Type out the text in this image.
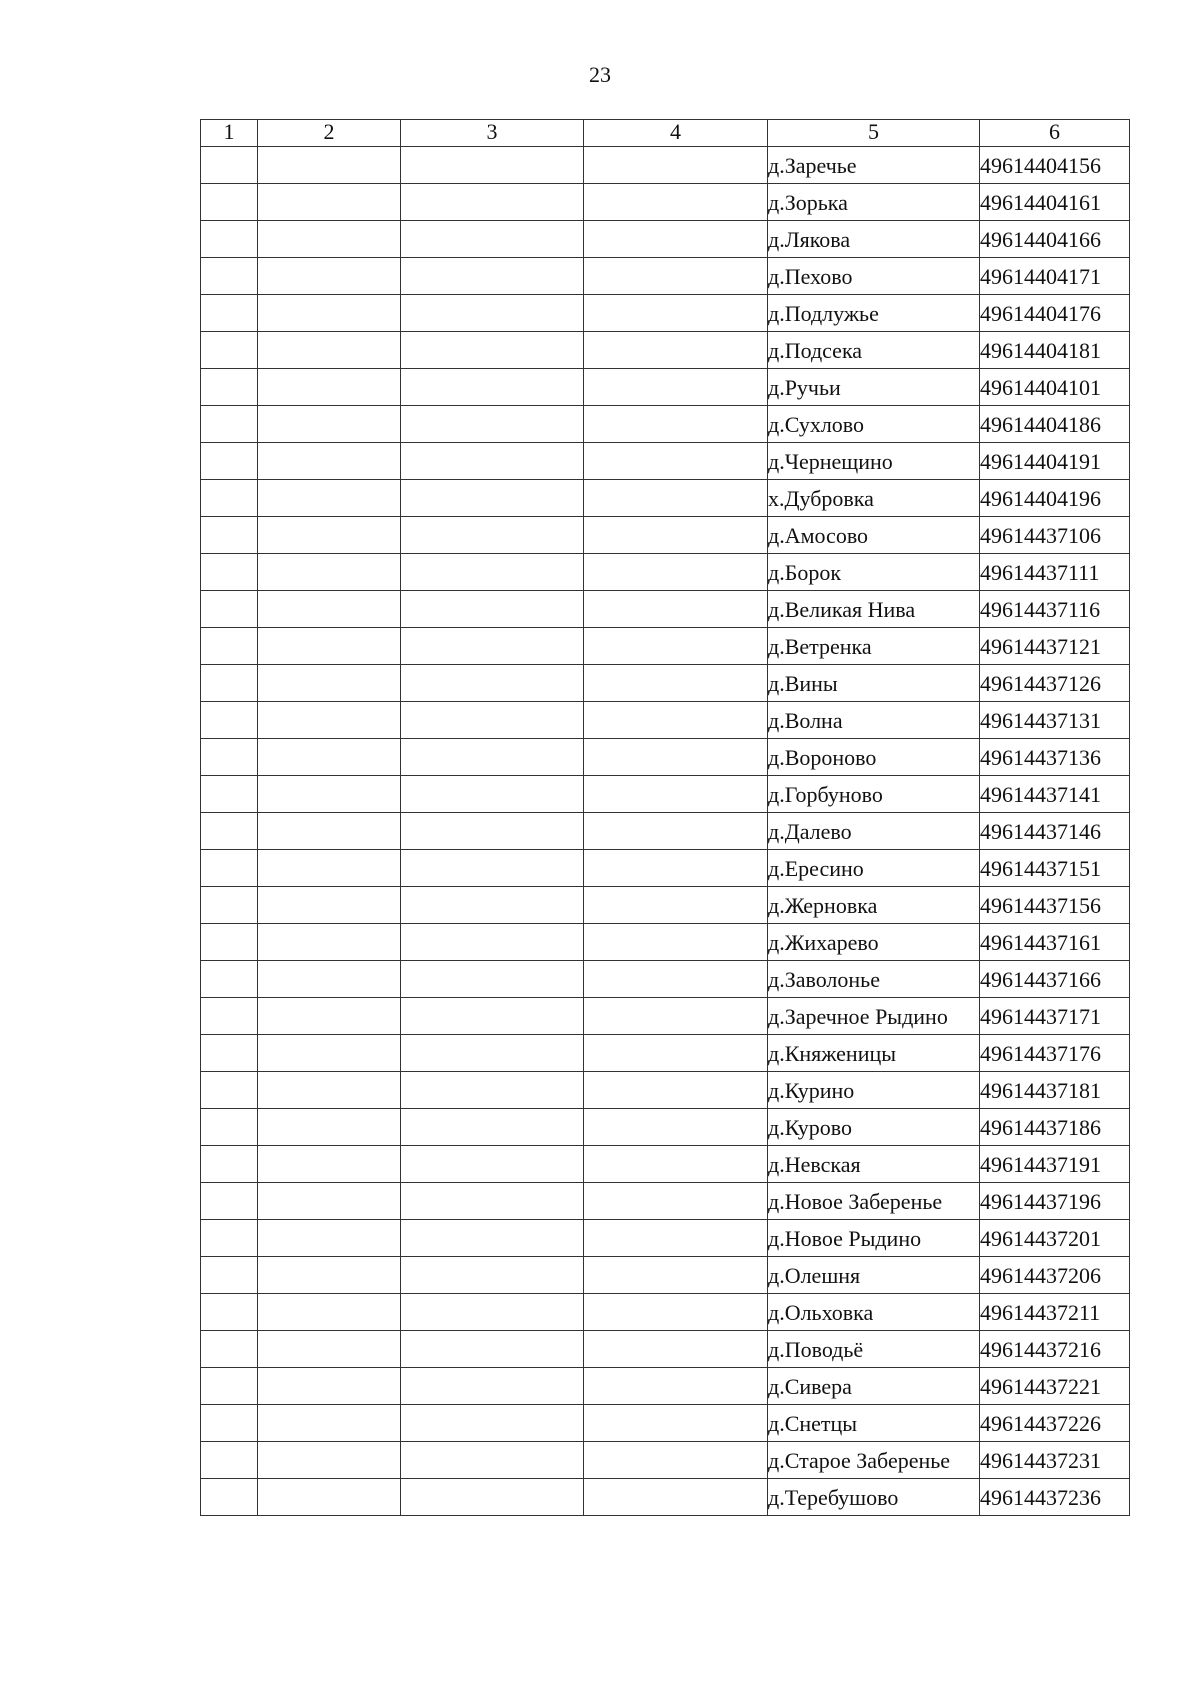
23
1	2	3	4	5	6
				д.Заречье	49614404156
				д.Зорька	49614404161
				д.Лякова	49614404166
				д.Пехово	49614404171
				д.Подлужье	49614404176
				д.Подсека	49614404181
				д.Ручьи	49614404101
				д.Сухлово	49614404186
				д.Чернещино	49614404191
				х.Дубровка	49614404196
				д.Амосово	49614437106
				д.Борок	49614437111
				д.Великая Нива	49614437116
				д.Ветренка	49614437121
				д.Вины	49614437126
				д.Волна	49614437131
				д.Вороново	49614437136
				д.Горбуново	49614437141
				д.Далево	49614437146
				д.Ересино	49614437151
				д.Жерновка	49614437156
				д.Жихарево	49614437161
				д.Заволонье	49614437166
				д.Заречное Рыдино	49614437171
				д.Княженицы	49614437176
				д.Курино	49614437181
				д.Курово	49614437186
				д.Невская	49614437191
				д.Новое Заберенье	49614437196
				д.Новое Рыдино	49614437201
				д.Олешня	49614437206
				д.Ольховка	49614437211
				д.Поводьё	49614437216
				д.Сивера	49614437221
				д.Снетцы	49614437226
				д.Старое Заберенье	49614437231
				д.Теребушово	49614437236
